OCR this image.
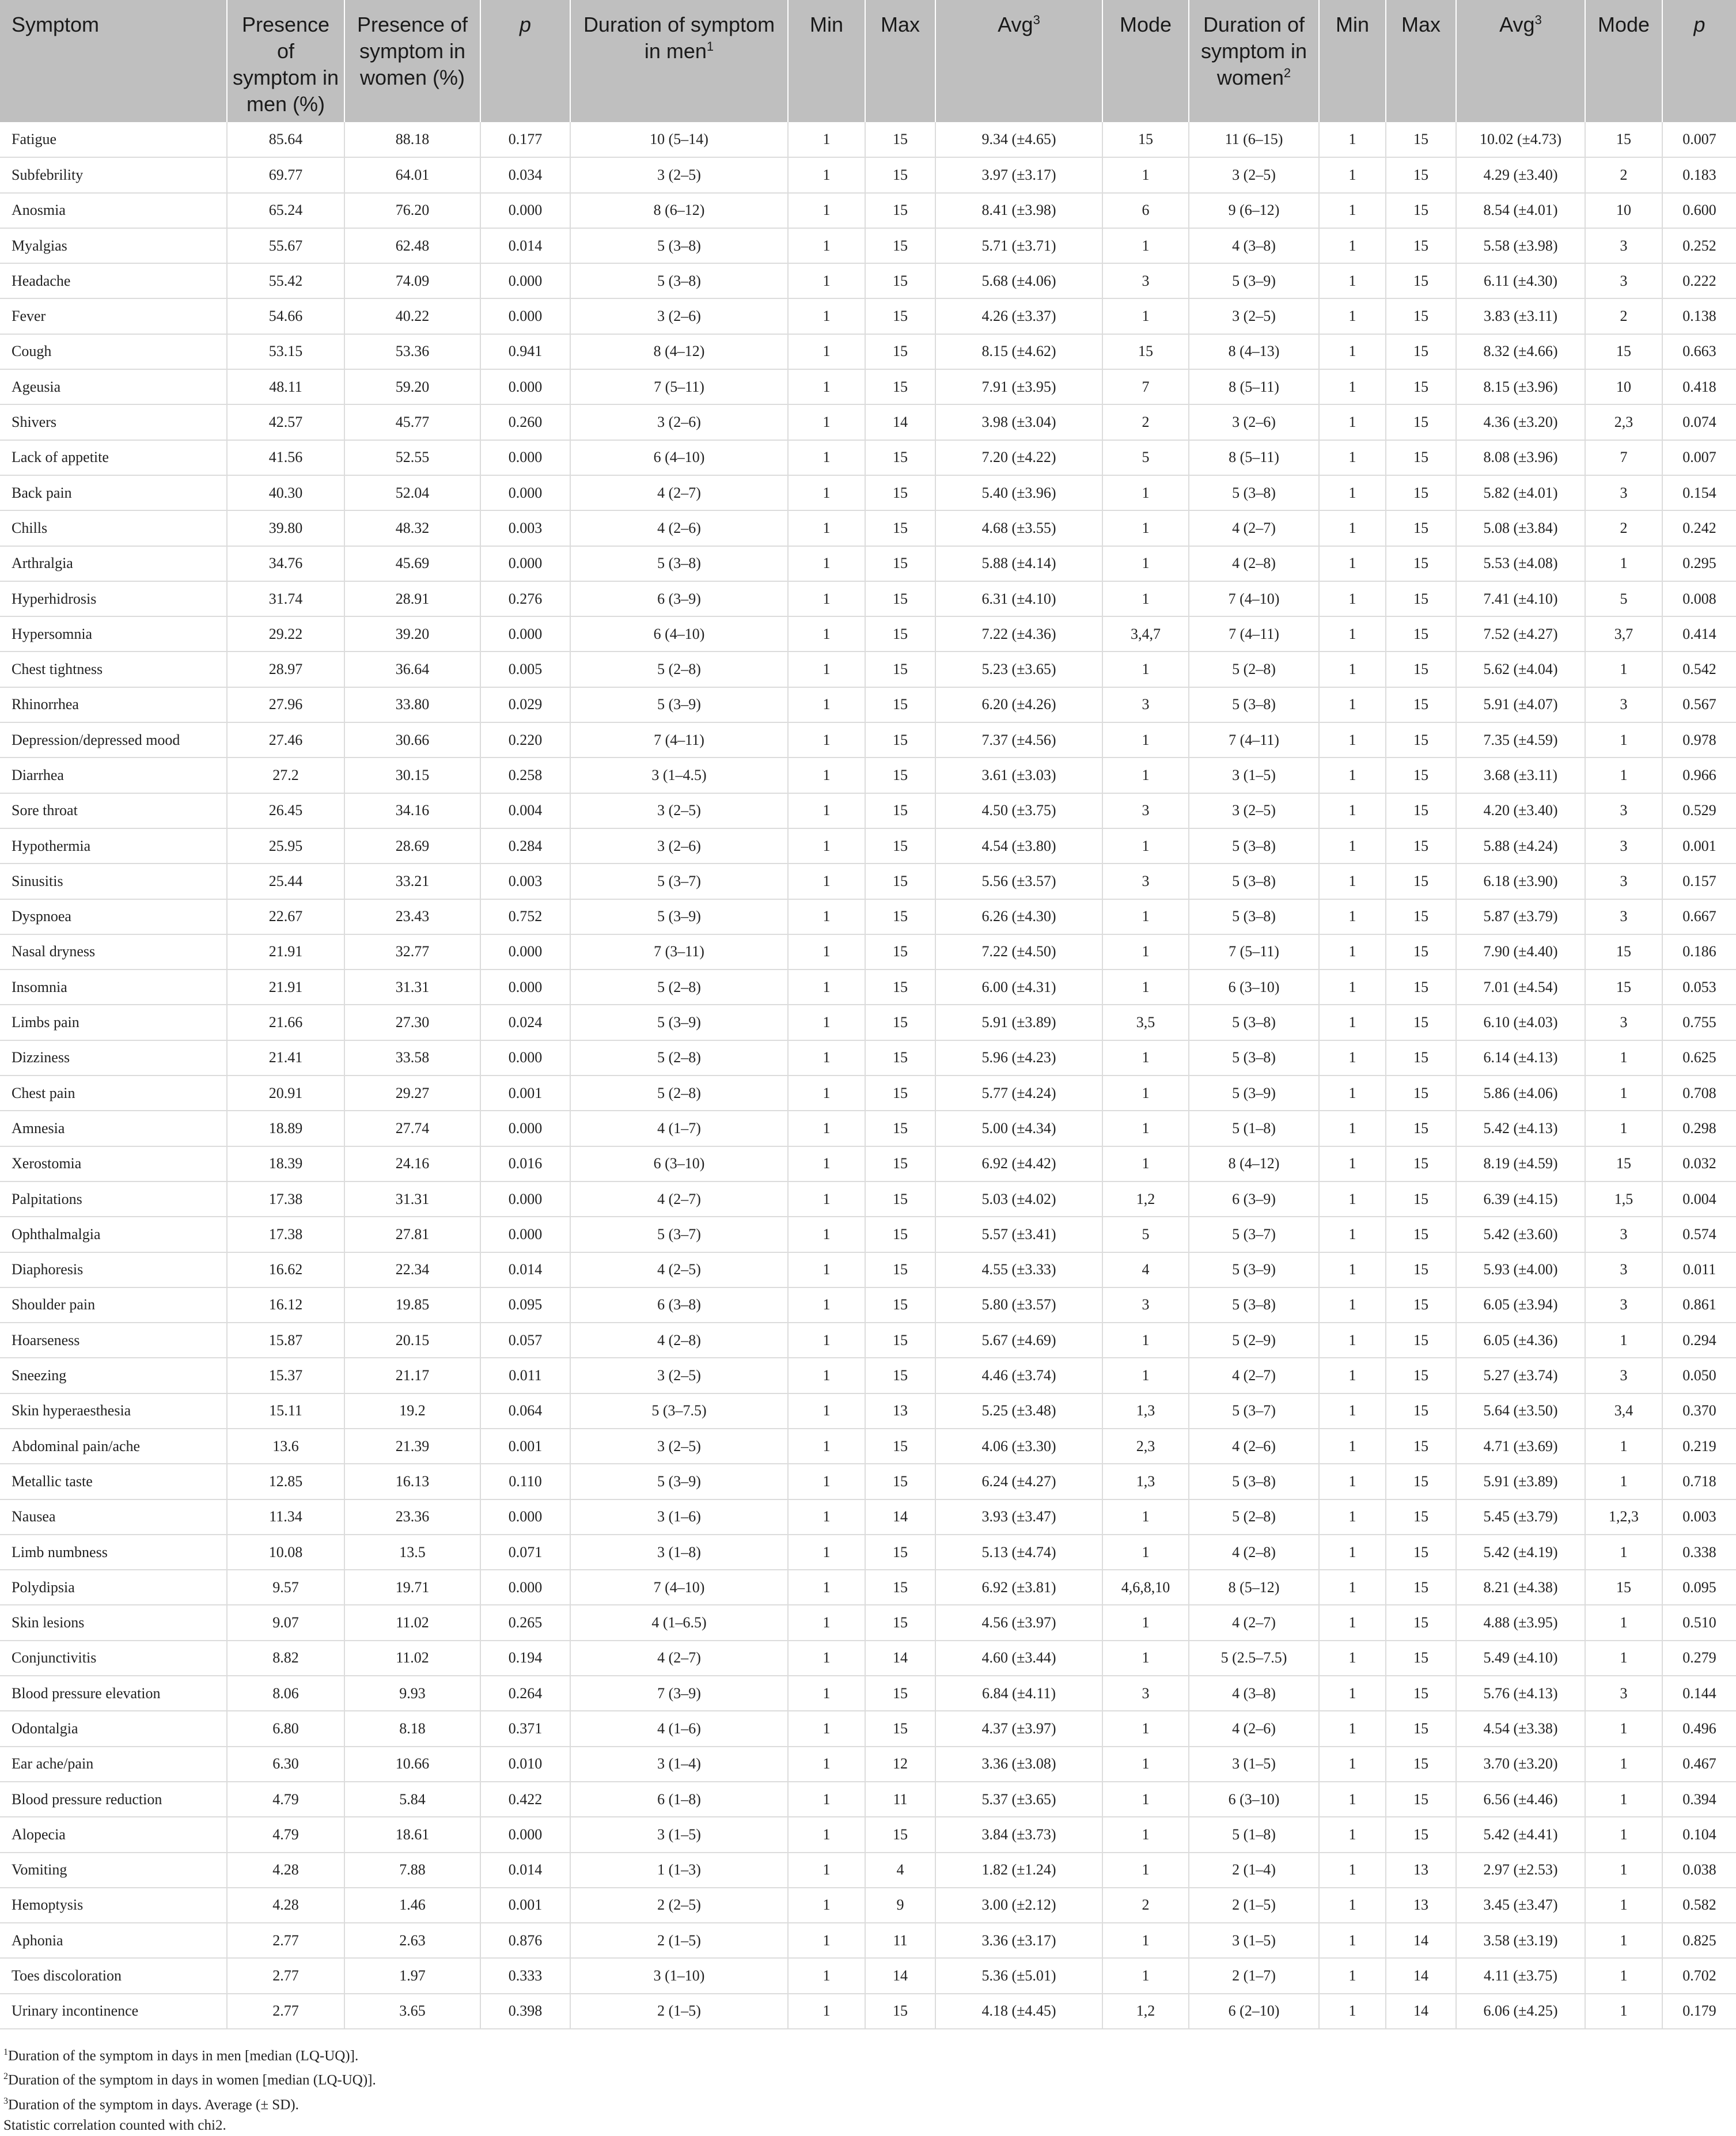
Symptom	Presence of symptom in men (%)	Presence of symptom in women (%)	p	Duration of symptom in men$^1$	Min	Max	Avg$^3$	Mode	Duration of symptom in women$^2$	Min	Max	Avg$^3$	Mode	p
Fatigue	85.64	88.18	0.177	10 (5–14)	1	15	9.34 (±4.65)	15	11 (6–15)	1	15	10.02 (±4.73)	15	0.007
Subfebrility	69.77	64.01	0.034	3 (2–5)	1	15	3.97 (±3.17)	1	3 (2–5)	1	15	4.29 (±3.40)	2	0.183
Anosmia	65.24	76.20	0.000	8 (6–12)	1	15	8.41 (±3.98)	6	9 (6–12)	1	15	8.54 (±4.01)	10	0.600
Myalgias	55.67	62.48	0.014	5 (3–8)	1	15	5.71 (±3.71)	1	4 (3–8)	1	15	5.58 (±3.98)	3	0.252
Headache	55.42	74.09	0.000	5 (3–8)	1	15	5.68 (±4.06)	3	5 (3–9)	1	15	6.11 (±4.30)	3	0.222
Fever	54.66	40.22	0.000	3 (2–6)	1	15	4.26 (±3.37)	1	3 (2–5)	1	15	3.83 (±3.11)	2	0.138
Cough	53.15	53.36	0.941	8 (4–12)	1	15	8.15 (±4.62)	15	8 (4–13)	1	15	8.32 (±4.66)	15	0.663
Ageusia	48.11	59.20	0.000	7 (5–11)	1	15	7.91 (±3.95)	7	8 (5–11)	1	15	8.15 (±3.96)	10	0.418
Shivers	42.57	45.77	0.260	3 (2–6)	1	14	3.98 (±3.04)	2	3 (2–6)	1	15	4.36 (±3.20)	2,3	0.074
Lack of appetite	41.56	52.55	0.000	6 (4–10)	1	15	7.20 (±4.22)	5	8 (5–11)	1	15	8.08 (±3.96)	7	0.007
Back pain	40.30	52.04	0.000	4 (2–7)	1	15	5.40 (±3.96)	1	5 (3–8)	1	15	5.82 (±4.01)	3	0.154
Chills	39.80	48.32	0.003	4 (2–6)	1	15	4.68 (±3.55)	1	4 (2–7)	1	15	5.08 (±3.84)	2	0.242
Arthralgia	34.76	45.69	0.000	5 (3–8)	1	15	5.88 (±4.14)	1	4 (2–8)	1	15	5.53 (±4.08)	1	0.295
Hyperhidrosis	31.74	28.91	0.276	6 (3–9)	1	15	6.31 (±4.10)	1	7 (4–10)	1	15	7.41 (±4.10)	5	0.008
Hypersomnia	29.22	39.20	0.000	6 (4–10)	1	15	7.22 (±4.36)	3,4,7	7 (4–11)	1	15	7.52 (±4.27)	3,7	0.414
Chest tightness	28.97	36.64	0.005	5 (2–8)	1	15	5.23 (±3.65)	1	5 (2–8)	1	15	5.62 (±4.04)	1	0.542
Rhinorrhea	27.96	33.80	0.029	5 (3–9)	1	15	6.20 (±4.26)	3	5 (3–8)	1	15	5.91 (±4.07)	3	0.567
Depression/depressed mood	27.46	30.66	0.220	7 (4–11)	1	15	7.37 (±4.56)	1	7 (4–11)	1	15	7.35 (±4.59)	1	0.978
Diarrhea	27.2	30.15	0.258	3 (1–4.5)	1	15	3.61 (±3.03)	1	3 (1–5)	1	15	3.68 (±3.11)	1	0.966
Sore throat	26.45	34.16	0.004	3 (2–5)	1	15	4.50 (±3.75)	3	3 (2–5)	1	15	4.20 (±3.40)	3	0.529
Hypothermia	25.95	28.69	0.284	3 (2–6)	1	15	4.54 (±3.80)	1	5 (3–8)	1	15	5.88 (±4.24)	3	0.001
Sinusitis	25.44	33.21	0.003	5 (3–7)	1	15	5.56 (±3.57)	3	5 (3–8)	1	15	6.18 (±3.90)	3	0.157
Dyspnoea	22.67	23.43	0.752	5 (3–9)	1	15	6.26 (±4.30)	1	5 (3–8)	1	15	5.87 (±3.79)	3	0.667
Nasal dryness	21.91	32.77	0.000	7 (3–11)	1	15	7.22 (±4.50)	1	7 (5–11)	1	15	7.90 (±4.40)	15	0.186
Insomnia	21.91	31.31	0.000	5 (2–8)	1	15	6.00 (±4.31)	1	6 (3–10)	1	15	7.01 (±4.54)	15	0.053
Limbs pain	21.66	27.30	0.024	5 (3–9)	1	15	5.91 (±3.89)	3,5	5 (3–8)	1	15	6.10 (±4.03)	3	0.755
Dizziness	21.41	33.58	0.000	5 (2–8)	1	15	5.96 (±4.23)	1	5 (3–8)	1	15	6.14 (±4.13)	1	0.625
Chest pain	20.91	29.27	0.001	5 (2–8)	1	15	5.77 (±4.24)	1	5 (3–9)	1	15	5.86 (±4.06)	1	0.708
Amnesia	18.89	27.74	0.000	4 (1–7)	1	15	5.00 (±4.34)	1	5 (1–8)	1	15	5.42 (±4.13)	1	0.298
Xerostomia	18.39	24.16	0.016	6 (3–10)	1	15	6.92 (±4.42)	1	8 (4–12)	1	15	8.19 (±4.59)	15	0.032
Palpitations	17.38	31.31	0.000	4 (2–7)	1	15	5.03 (±4.02)	1,2	6 (3–9)	1	15	6.39 (±4.15)	1,5	0.004
Ophthalmalgia	17.38	27.81	0.000	5 (3–7)	1	15	5.57 (±3.41)	5	5 (3–7)	1	15	5.42 (±3.60)	3	0.574
Diaphoresis	16.62	22.34	0.014	4 (2–5)	1	15	4.55 (±3.33)	4	5 (3–9)	1	15	5.93 (±4.00)	3	0.011
Shoulder pain	16.12	19.85	0.095	6 (3–8)	1	15	5.80 (±3.57)	3	5 (3–8)	1	15	6.05 (±3.94)	3	0.861
Hoarseness	15.87	20.15	0.057	4 (2–8)	1	15	5.67 (±4.69)	1	5 (2–9)	1	15	6.05 (±4.36)	1	0.294
Sneezing	15.37	21.17	0.011	3 (2–5)	1	15	4.46 (±3.74)	1	4 (2–7)	1	15	5.27 (±3.74)	3	0.050
Skin hyperaesthesia	15.11	19.2	0.064	5 (3–7.5)	1	13	5.25 (±3.48)	1,3	5 (3–7)	1	15	5.64 (±3.50)	3,4	0.370
Abdominal pain/ache	13.6	21.39	0.001	3 (2–5)	1	15	4.06 (±3.30)	2,3	4 (2–6)	1	15	4.71 (±3.69)	1	0.219
Metallic taste	12.85	16.13	0.110	5 (3–9)	1	15	6.24 (±4.27)	1,3	5 (3–8)	1	15	5.91 (±3.89)	1	0.718
Nausea	11.34	23.36	0.000	3 (1–6)	1	14	3.93 (±3.47)	1	5 (2–8)	1	15	5.45 (±3.79)	1,2,3	0.003
Limb numbness	10.08	13.5	0.071	3 (1–8)	1	15	5.13 (±4.74)	1	4 (2–8)	1	15	5.42 (±4.19)	1	0.338
Polydipsia	9.57	19.71	0.000	7 (4–10)	1	15	6.92 (±3.81)	4,6,8,10	8 (5–12)	1	15	8.21 (±4.38)	15	0.095
Skin lesions	9.07	11.02	0.265	4 (1–6.5)	1	15	4.56 (±3.97)	1	4 (2–7)	1	15	4.88 (±3.95)	1	0.510
Conjunctivitis	8.82	11.02	0.194	4 (2–7)	1	14	4.60 (±3.44)	1	5 (2.5–7.5)	1	15	5.49 (±4.10)	1	0.279
Blood pressure elevation	8.06	9.93	0.264	7 (3–9)	1	15	6.84 (±4.11)	3	4 (3–8)	1	15	5.76 (±4.13)	3	0.144
Odontalgia	6.80	8.18	0.371	4 (1–6)	1	15	4.37 (±3.97)	1	4 (2–6)	1	15	4.54 (±3.38)	1	0.496
Ear ache/pain	6.30	10.66	0.010	3 (1–4)	1	12	3.36 (±3.08)	1	3 (1–5)	1	15	3.70 (±3.20)	1	0.467
Blood pressure reduction	4.79	5.84	0.422	6 (1–8)	1	11	5.37 (±3.65)	1	6 (3–10)	1	15	6.56 (±4.46)	1	0.394
Alopecia	4.79	18.61	0.000	3 (1–5)	1	15	3.84 (±3.73)	1	5 (1–8)	1	15	5.42 (±4.41)	1	0.104
Vomiting	4.28	7.88	0.014	1 (1–3)	1	4	1.82 (±1.24)	1	2 (1–4)	1	13	2.97 (±2.53)	1	0.038
Hemoptysis	4.28	1.46	0.001	2 (2–5)	1	9	3.00 (±2.12)	2	2 (1–5)	1	13	3.45 (±3.47)	1	0.582
Aphonia	2.77	2.63	0.876	2 (1–5)	1	11	3.36 (±3.17)	1	3 (1–5)	1	14	3.58 (±3.19)	1	0.825
Toes discoloration	2.77	1.97	0.333	3 (1–10)	1	14	5.36 (±5.01)	1	2 (1–7)	1	14	4.11 (±3.75)	1	0.702
Urinary incontinence	2.77	3.65	0.398	2 (1–5)	1	15	4.18 (±4.45)	1,2	6 (2–10)	1	14	6.06 (±4.25)	1	0.179
$^1$Duration of the symptom in days in men [median (LQ-UQ)].
$^2$Duration of the symptom in days in women [median (LQ-UQ)].
$^3$Duration of the symptom in days. Average (± SD).
Statistic correlation counted with chi2.
